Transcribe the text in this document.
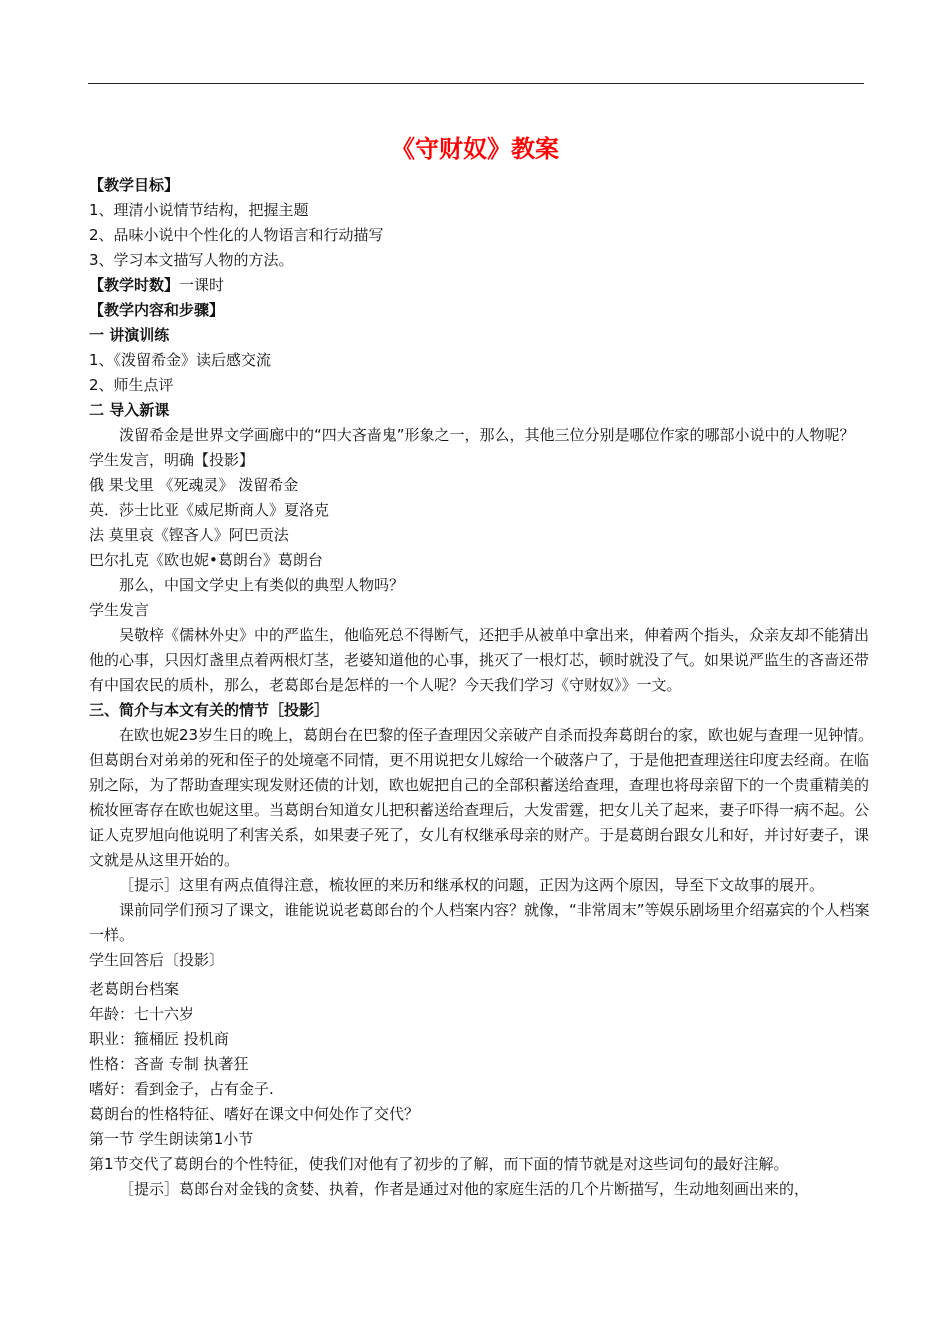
《守财奴》教案

【教学目标】

1、理清小说情节结构，把握主题

2、品味小说中个性化的人物语言和行动描写

3、学习本文描写人物的方法。

【教学时数】一课时

【教学内容和步骤】

一 讲演训练

1、《泼留希金》读后感交流

2、师生点评

二 导入新课

泼留希金是世界文学画廊中的“四大吝啬鬼”形象之一，那么，其他三位分别是哪位作家的哪部小说中的人物呢？

学生发言，明确【投影】

俄 果戈里 《死魂灵》 泼留希金

英．莎士比亚《威尼斯商人》夏洛克

法 莫里哀《铿吝人》阿巴贡法

巴尔扎克《欧也妮•葛朗台》葛朗台

那么，中国文学史上有类似的典型人物吗？

学生发言

吴敬梓《儒林外史》中的严监生，他临死总不得断气，还把手从被单中拿出来，伸着两个指头，众亲友却不能猜出他的心事，只因灯盏里点着两根灯茎，老婆知道他的心事，挑灭了一根灯芯，顿时就没了气。如果说严监生的吝啬还带有中国农民的质朴，那么，老葛郎台是怎样的一个人呢？今天我们学习《守财奴》》一文。

三、简介与本文有关的情节［投影］

在欧也妮23岁生日的晚上，葛朗台在巴黎的侄子查理因父亲破产自杀而投奔葛朗台的家，欧也妮与查理一见钟情。但葛朗台对弟弟的死和侄子的处境毫不同情，更不用说把女儿嫁给一个破落户了，于是他把查理送往印度去经商。在临别之际，为了帮助查理实现发财还债的计划，欧也妮把自己的全部积蓄送给查理，查理也将母亲留下的一个贵重精美的梳妆匣寄存在欧也妮这里。当葛朗台知道女儿把积蓄送给查理后，大发雷霆，把女儿关了起来，妻子吓得一病不起。公证人克罗旭向他说明了利害关系，如果妻子死了，女儿有权继承母亲的财产。于是葛朗台跟女儿和好，并讨好妻子，课文就是从这里开始的。

［提示］这里有两点值得注意，梳妆匣的来历和继承权的问题，正因为这两个原因，导至下文故事的展开。

课前同学们预习了课文，谁能说说老葛郎台的个人档案内容？就像，“非常周末”等娱乐剧场里介绍嘉宾的个人档案一样。

学生回答后〔投影〕

老葛朗台档案

年龄：七十六岁

职业：箍桶匠 投机商

性格：吝啬 专制 执著狂

嗜好：看到金子，占有金子.

葛朗台的性格特征、嗜好在课文中何处作了交代？

第一节 学生朗读第1小节

第1节交代了葛朗台的个性特征，使我们对他有了初步的了解，而下面的情节就是对这些词句的最好注解。

［提示］葛郎台对金钱的贪婪、执着，作者是通过对他的家庭生活的几个片断描写，生动地刻画出来的，
